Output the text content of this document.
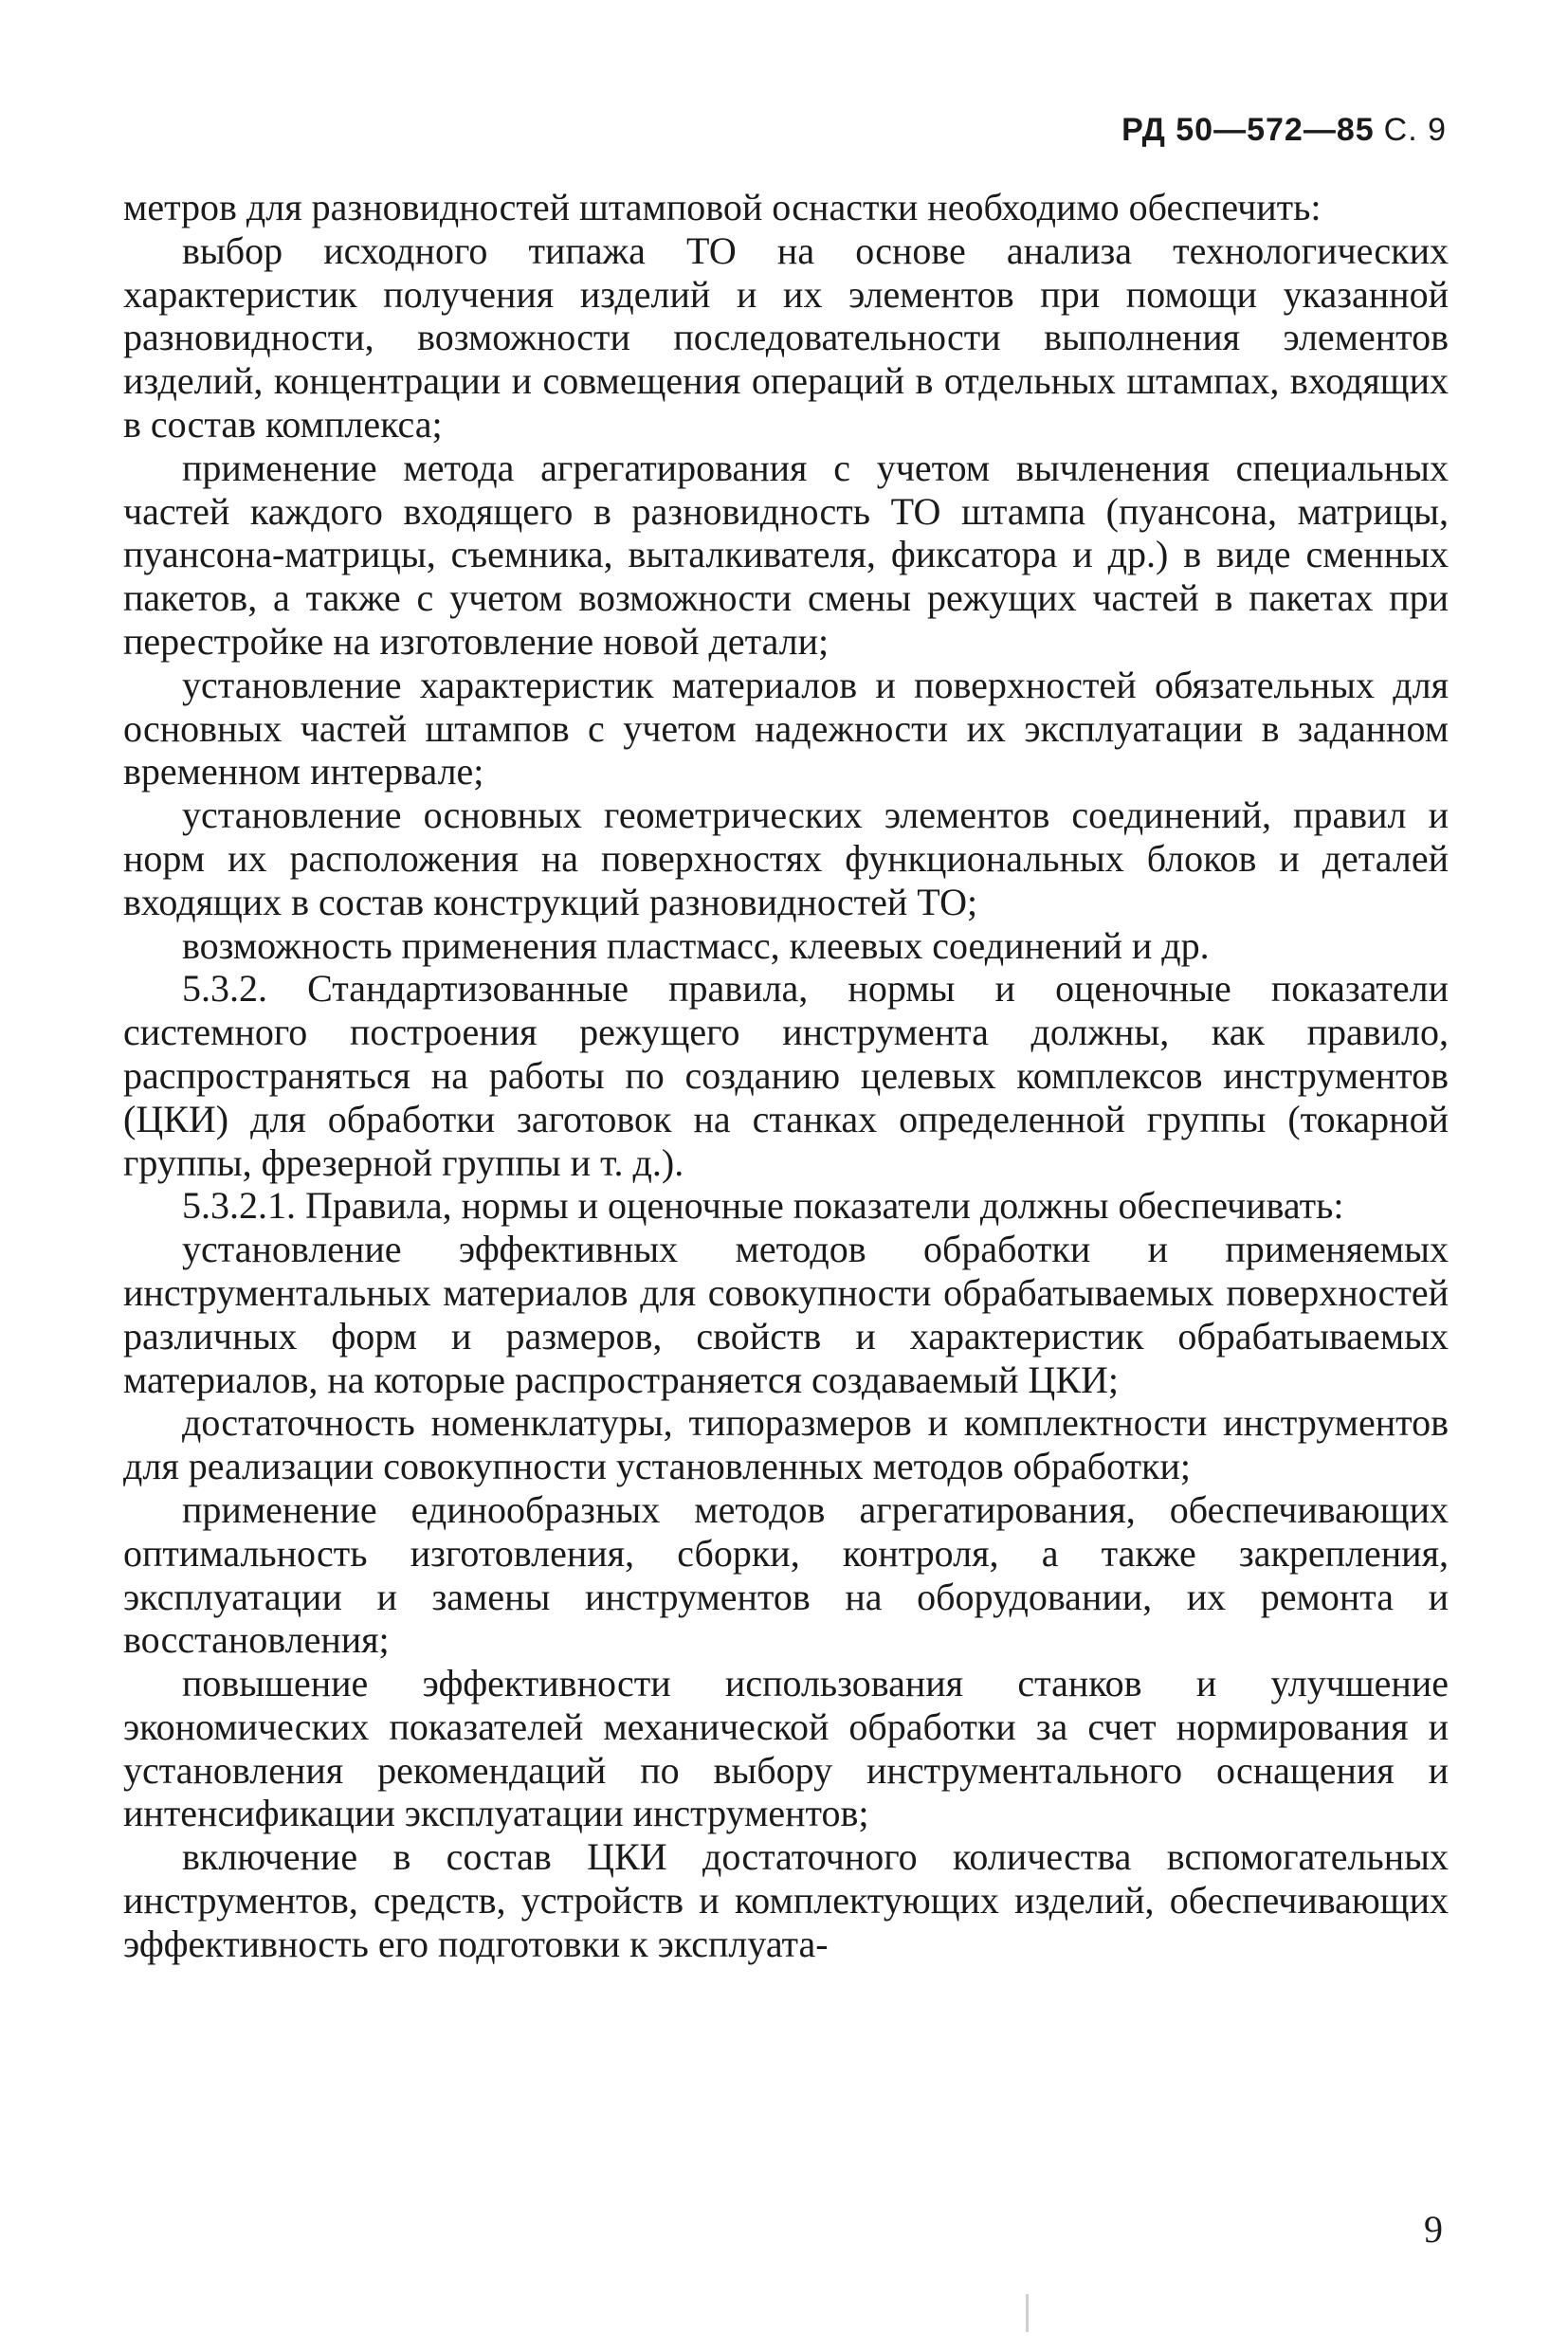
РД 50—572—85 С. 9

метров для разновидностей штамповой оснастки необходимо обеспечить:

выбор исходного типажа ТО на основе анализа технологических характеристик получения изделий и их элементов при помощи указанной разновидности, возможности последовательности выполнения элементов изделий, концентрации и совмещения операций в отдельных штампах, входящих в состав комплекса;

применение метода агрегатирования с учетом вычленения специальных частей каждого входящего в разновидность ТО штампа (пуансона, матрицы, пуансона-матрицы, съемника, выталкивателя, фиксатора и др.) в виде сменных пакетов, а также с учетом возможности смены режущих частей в пакетах при перестройке на изготовление новой детали;

установление характеристик материалов и поверхностей обязательных для основных частей штампов с учетом надежности их эксплуатации в заданном временном интервале;

установление основных геометрических элементов соединений, правил и норм их расположения на поверхностях функциональных блоков и деталей входящих в состав конструкций разновидностей ТО;

возможность применения пластмасс, клеевых соединений и др.

5.3.2. Стандартизованные правила, нормы и оценочные показатели системного построения режущего инструмента должны, как правило, распространяться на работы по созданию целевых комплексов инструментов (ЦКИ) для обработки заготовок на станках определенной группы (токарной группы, фрезерной группы и т. д.).

5.3.2.1. Правила, нормы и оценочные показатели должны обеспечивать:

установление эффективных методов обработки и применяемых инструментальных материалов для совокупности обрабатываемых поверхностей различных форм и размеров, свойств и характеристик обрабатываемых материалов, на которые распространяется создаваемый ЦКИ;

достаточность номенклатуры, типоразмеров и комплектности инструментов для реализации совокупности установленных методов обработки;

применение единообразных методов агрегатирования, обеспечивающих оптимальность изготовления, сборки, контроля, а также закрепления, эксплуатации и замены инструментов на оборудовании, их ремонта и восстановления;

повышение эффективности использования станков и улучшение экономических показателей механической обработки за счет нормирования и установления рекомендаций по выбору инструментального оснащения и интенсификации эксплуатации инструментов;

включение в состав ЦКИ достаточного количества вспомогательных инструментов, средств, устройств и комплектующих изделий, обеспечивающих эффективность его подготовки к эксплуата-

9
